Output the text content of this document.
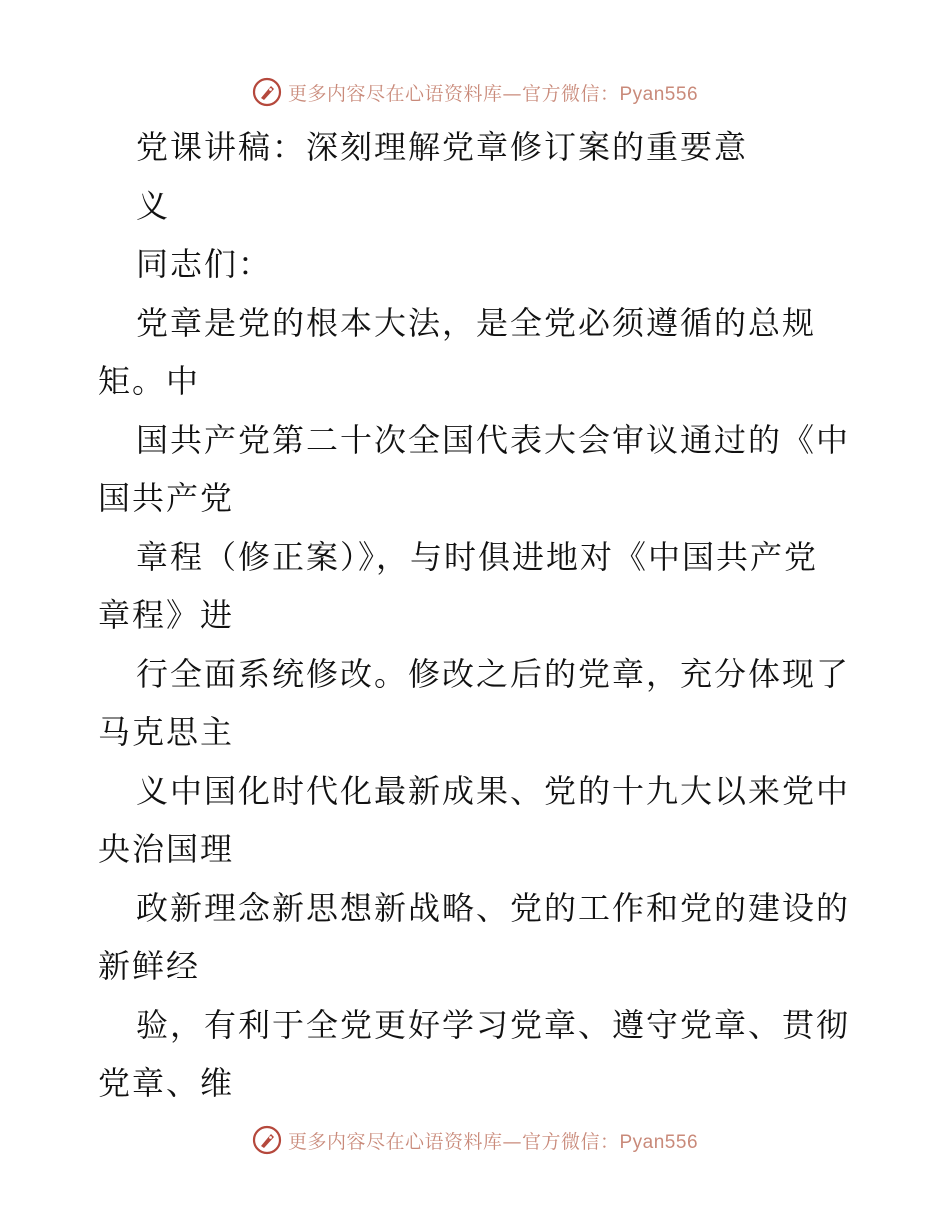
更多内容尽在心语资料库—官方微信：Pyan556
党课讲稿：深刻理解党章修订案的重要意
义
同志们：
党章是党的根本大法，是全党必须遵循的总规
矩。中
国共产党第二十次全国代表大会审议通过的《中
国共产党
章程（修正案）》，与时俱进地对《中国共产党
章程》进
行全面系统修改。修改之后的党章，充分体现了
马克思主
义中国化时代化最新成果、党的十九大以来党中
央治国理
政新理念新思想新战略、党的工作和党的建设的
新鲜经
验，有利于全党更好学习党章、遵守党章、贯彻
党章、维
更多内容尽在心语资料库—官方微信：Pyan556
